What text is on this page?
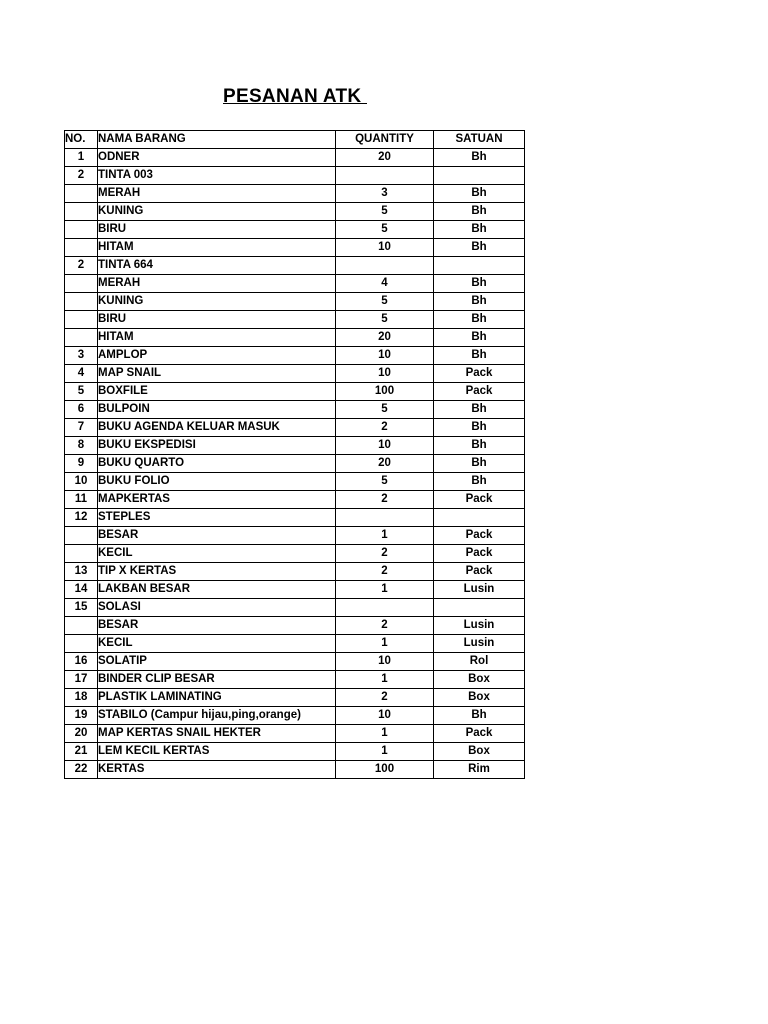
PESANAN ATK
NO.	NAMA BARANG	QUANTITY	SATUAN
1	ODNER	20	Bh
2	TINTA 003		
	MERAH	3	Bh
	KUNING	5	Bh
	BIRU	5	Bh
	HITAM	10	Bh
2	TINTA 664		
	MERAH	4	Bh
	KUNING	5	Bh
	BIRU	5	Bh
	HITAM	20	Bh
3	AMPLOP	10	Bh
4	MAP SNAIL	10	Pack
5	BOXFILE	100	Pack
6	BULPOIN	5	Bh
7	BUKU AGENDA KELUAR MASUK	2	Bh
8	BUKU EKSPEDISI	10	Bh
9	BUKU QUARTO	20	Bh
10	BUKU FOLIO	5	Bh
11	MAPKERTAS	2	Pack
12	STEPLES		
	BESAR	1	Pack
	KECIL	2	Pack
13	TIP X KERTAS	2	Pack
14	LAKBAN BESAR	1	Lusin
15	SOLASI		
	BESAR	2	Lusin
	KECIL	1	Lusin
16	SOLATIP	10	Rol
17	BINDER CLIP BESAR	1	Box
18	PLASTIK LAMINATING	2	Box
19	STABILO (Campur hijau,ping,orange)	10	Bh
20	MAP KERTAS SNAIL HEKTER	1	Pack
21	LEM KECIL KERTAS	1	Box
22	KERTAS	100	Rim
